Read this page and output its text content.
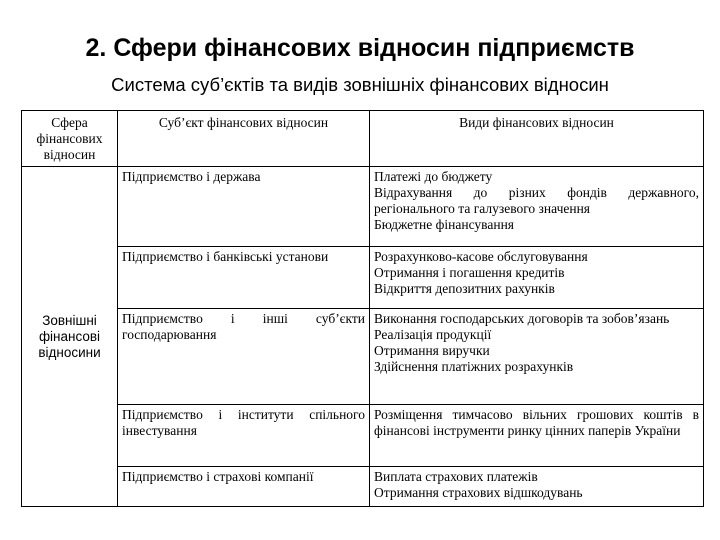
2. Сфери фінансових відносин підприємств
Система суб’єктів та видів зовнішніх фінансових відносин
Сфера фінансових відносин	Суб’єкт фінансових відносин	Види фінансових відносин
Зовнішні фінансові відносини	Підприємство і держава	Платежі до бюджету
Відрахування до різних фондів державного, регіонального та галузевого значення
Бюджетне фінансування

	Підприємство і банківські установи	Розрахунково-касове обслуговування
Отримання і погашення кредитів
Відкриття депозитних рахунків

	Підприємство і інші суб’єкти господарювання	Виконання господарських договорів та зобов’язань
Реалізація продукції
Отримання виручки
Здійснення платіжних розрахунків

	Підприємство і інститути спільного інвестування	Розміщення тимчасово вільних грошових коштів в фінансові інструменти ринку цінних паперів України

	Підприємство і страхові компанії	Виплата страхових платежів
Отримання страхових відшкодувань
